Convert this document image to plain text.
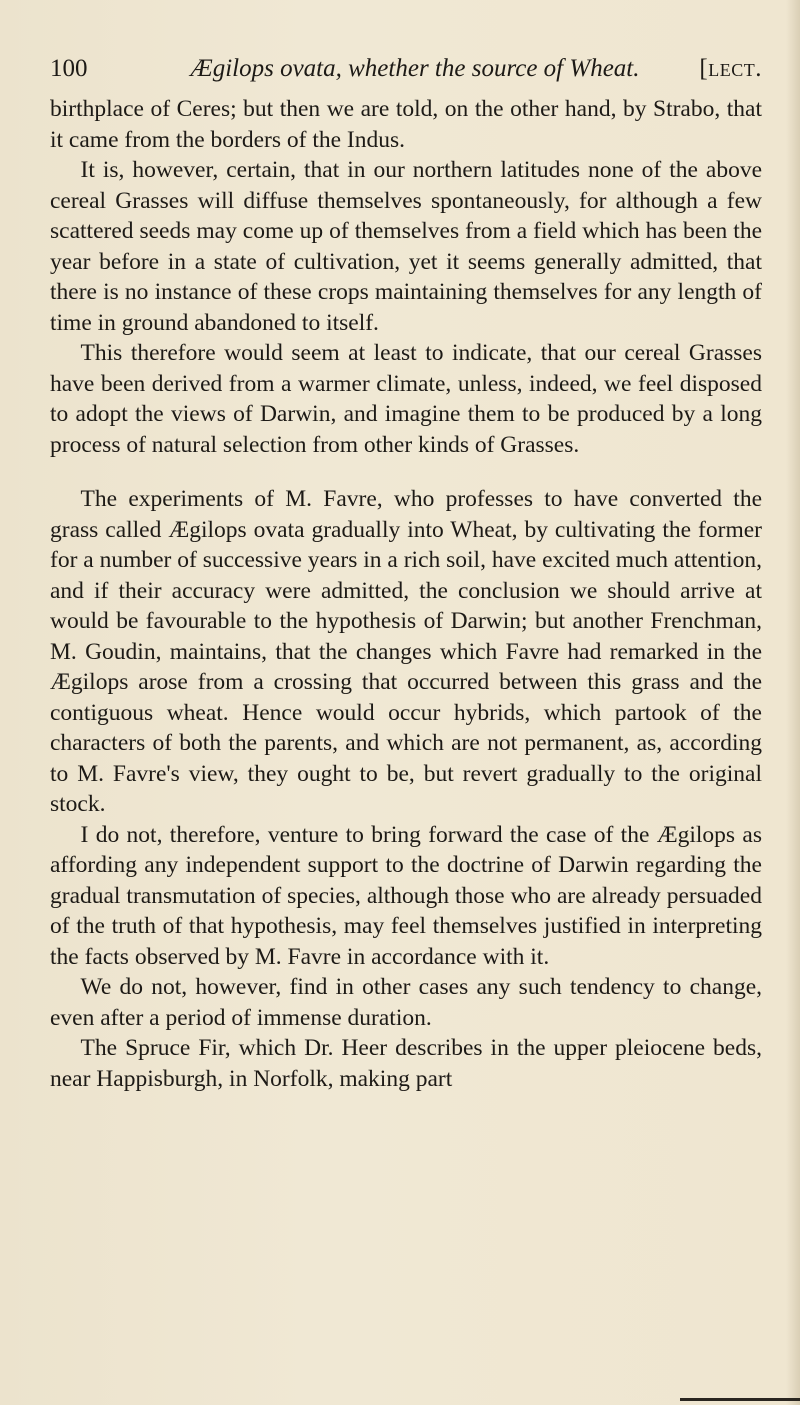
100	Ægilops ovata, whether the source of Wheat.	[lect.

birthplace of Ceres; but then we are told, on the other hand, by Strabo, that it came from the borders of the Indus.

It is, however, certain, that in our northern latitudes none of the above cereal Grasses will diffuse themselves spontaneously, for although a few scattered seeds may come up of themselves from a field which has been the year before in a state of cultivation, yet it seems generally admitted, that there is no instance of these crops maintaining themselves for any length of time in ground abandoned to itself.

This therefore would seem at least to indicate, that our cereal Grasses have been derived from a warmer climate, unless, indeed, we feel disposed to adopt the views of Darwin, and imagine them to be produced by a long process of natural selection from other kinds of Grasses.

The experiments of M. Favre, who professes to have converted the grass called Ægilops ovata gradually into Wheat, by cultivating the former for a number of successive years in a rich soil, have excited much attention, and if their accuracy were admitted, the conclusion we should arrive at would be favourable to the hypothesis of Darwin; but another Frenchman, M. Goudin, maintains, that the changes which Favre had remarked in the Ægilops arose from a crossing that occurred between this grass and the contiguous wheat. Hence would occur hybrids, which partook of the characters of both the parents, and which are not permanent, as, according to M. Favre's view, they ought to be, but revert gradually to the original stock.

I do not, therefore, venture to bring forward the case of the Ægilops as affording any independent support to the doctrine of Darwin regarding the gradual transmutation of species, although those who are already persuaded of the truth of that hypothesis, may feel themselves justified in interpreting the facts observed by M. Favre in accordance with it.

We do not, however, find in other cases any such tendency to change, even after a period of immense duration.

The Spruce Fir, which Dr. Heer describes in the upper pleiocene beds, near Happisburgh, in Norfolk, making part
